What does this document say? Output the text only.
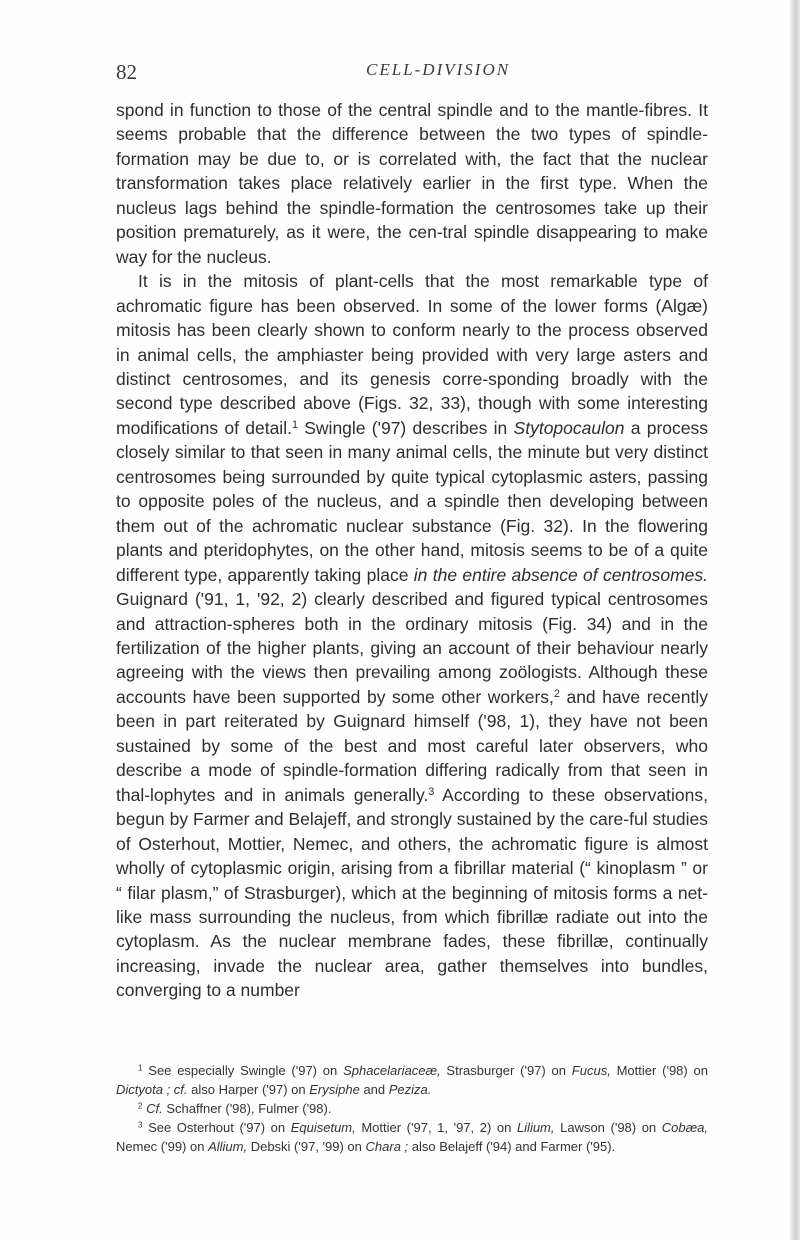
82	CELL-DIVISION

spond in function to those of the central spindle and to the mantle-fibres. It seems probable that the difference between the two types of spindle-formation may be due to, or is correlated with, the fact that the nuclear transformation takes place relatively earlier in the first type. When the nucleus lags behind the spindle-formation the centrosomes take up their position prematurely, as it were, the cen-tral spindle disappearing to make way for the nucleus.

It is in the mitosis of plant-cells that the most remarkable type of achromatic figure has been observed. In some of the lower forms (Algæ) mitosis has been clearly shown to conform nearly to the process observed in animal cells, the amphiaster being provided with very large asters and distinct centrosomes, and its genesis corre-sponding broadly with the second type described above (Figs. 32, 33), though with some interesting modifications of detail.$^1$ Swingle ('97) describes in Stytopocaulon a process closely similar to that seen in many animal cells, the minute but very distinct centrosomes being surrounded by quite typical cytoplasmic asters, passing to opposite poles of the nucleus, and a spindle then developing between them out of the achromatic nuclear substance (Fig. 32). In the flowering plants and pteridophytes, on the other hand, mitosis seems to be of a quite different type, apparently taking place in the entire absence of centrosomes. Guignard ('91, 1, '92, 2) clearly described and figured typical centrosomes and attraction-spheres both in the ordinary mitosis (Fig. 34) and in the fertilization of the higher plants, giving an account of their behaviour nearly agreeing with the views then prevailing among zoölogists. Although these accounts have been supported by some other workers,$^2$ and have recently been in part reiterated by Guignard himself ('98, 1), they have not been sustained by some of the best and most careful later observers, who describe a mode of spindle-formation differing radically from that seen in thal-lophytes and in animals generally.$^3$ According to these observations, begun by Farmer and Belajeff, and strongly sustained by the care-ful studies of Osterhout, Mottier, Nemec, and others, the achromatic figure is almost wholly of cytoplasmic origin, arising from a fibrillar material (“ kinoplasm ” or “ filar plasm,” of Strasburger), which at the beginning of mitosis forms a net-like mass surrounding the nucleus, from which fibrillæ radiate out into the cytoplasm. As the nuclear membrane fades, these fibrillæ, continually increasing, invade the nuclear area, gather themselves into bundles, converging to a number

$^1$ See especially Swingle ('97) on Sphacelariaceæ, Strasburger ('97) on Fucus, Mottier ('98) on Dictyota ; cf. also Harper ('97) on Erysiphe and Peziza.

$^2$ Cf. Schaffner ('98), Fulmer ('98).

$^3$ See Osterhout ('97) on Equisetum, Mottier ('97, 1, '97, 2) on Lilium, Lawson ('98) on Cobæa, Nemec ('99) on Allium, Debski ('97, '99) on Chara ; also Belajeff ('94) and Farmer ('95).
